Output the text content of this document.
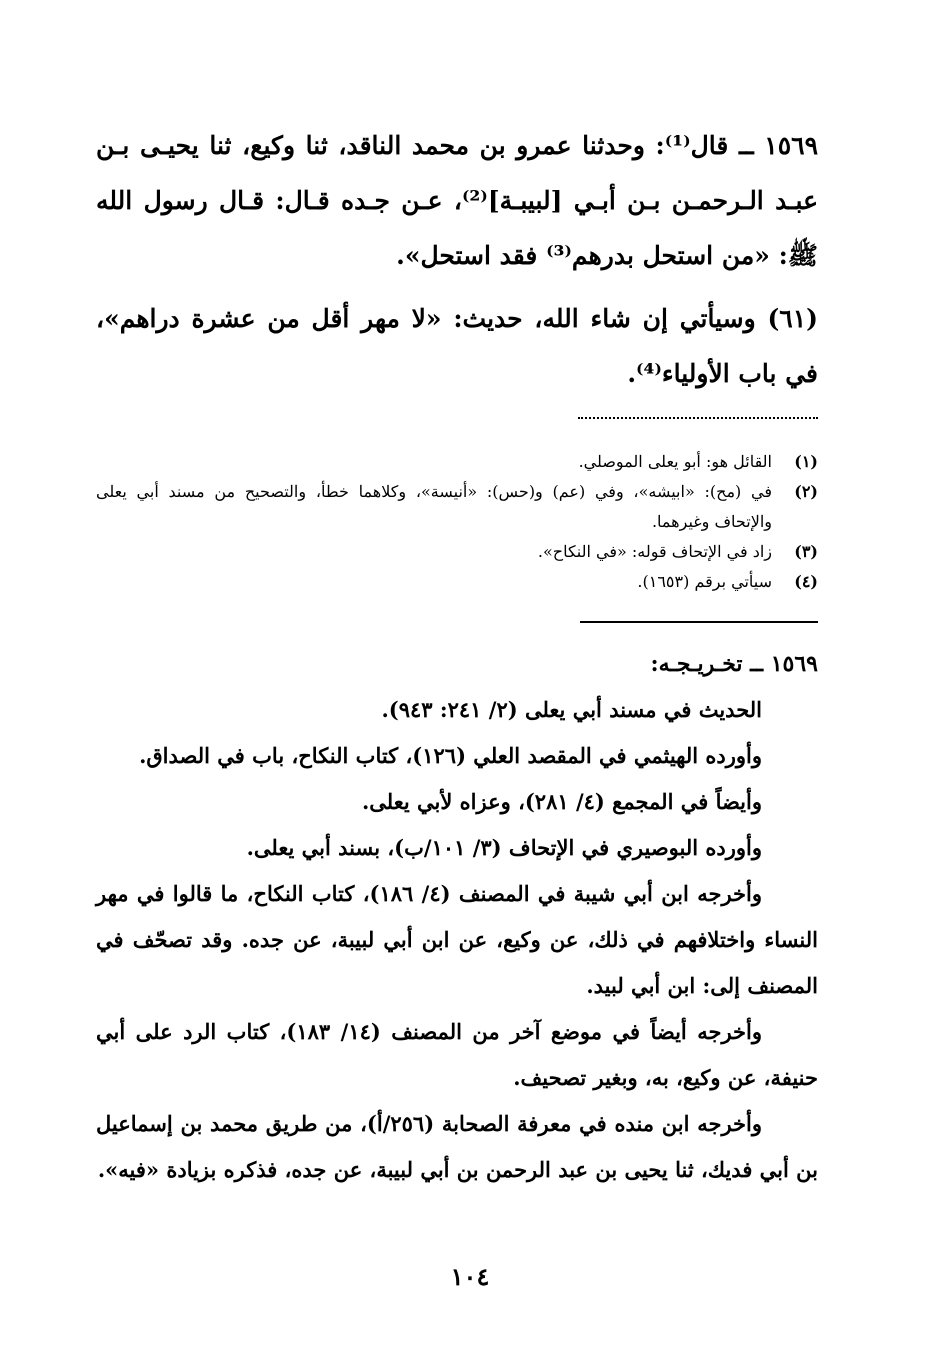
١٥٦٩ ــ قال⁽¹⁾: وحدثنا عمرو بن محمد الناقد، ثنا وكيع، ثنا يحيـى بـن عبـد الـرحمـن بـن أبـي [لبيبـة]⁽²⁾، عـن جـده قـال: قـال رسول الله ﷺ: «من استحل بدرهم⁽³⁾ فقد استحل».

(٦١) وسيأتي إن شاء الله، حديث: «لا مهر أقل من عشرة دراهم»، في باب الأولياء⁽⁴⁾.

(١)
القائل هو: أبو يعلى الموصلي.
(٢)
في (مح): «ابيشه»، وفي (عم) و(حس): «أنيسة»، وكلاهما خطأ، والتصحيح من مسند أبي يعلى والإتحاف وغيرهما.
(٣)
زاد في الإتحاف قوله: «في النكاح».
(٤)
سيأتي برقم (١٦٥٣).

١٥٦٩ ــ تخـريـجـه:

الحديث في مسند أبي يعلى (٢/ ٢٤١: ٩٤٣).

وأورده الهيثمي في المقصد العلي (١٢٦)، كتاب النكاح، باب في الصداق.

وأيضاً في المجمع (٤/ ٢٨١)، وعزاه لأبي يعلى.

وأورده البوصيري في الإتحاف (٣/ ١٠١/ب)، بسند أبي يعلى.

وأخرجه ابن أبي شيبة في المصنف (٤/ ١٨٦)، كتاب النكاح، ما قالوا في مهر النساء واختلافهم في ذلك، عن وكيع، عن ابن أبي لبيبة، عن جده. وقد تصحّف في المصنف إلى: ابن أبي لبيد.

وأخرجه أيضاً في موضع آخر من المصنف (١٤/ ١٨٣)، كتاب الرد على أبي حنيفة، عن وكيع، به، وبغير تصحيف.

وأخرجه ابن منده في معرفة الصحابة (٢٥٦/أ)، من طريق محمد بن إسماعيل بن أبي فديك، ثنا يحيى بن عبد الرحمن بن أبي لبيبة، عن جده، فذكره بزيادة «فيه».

١٠٤
